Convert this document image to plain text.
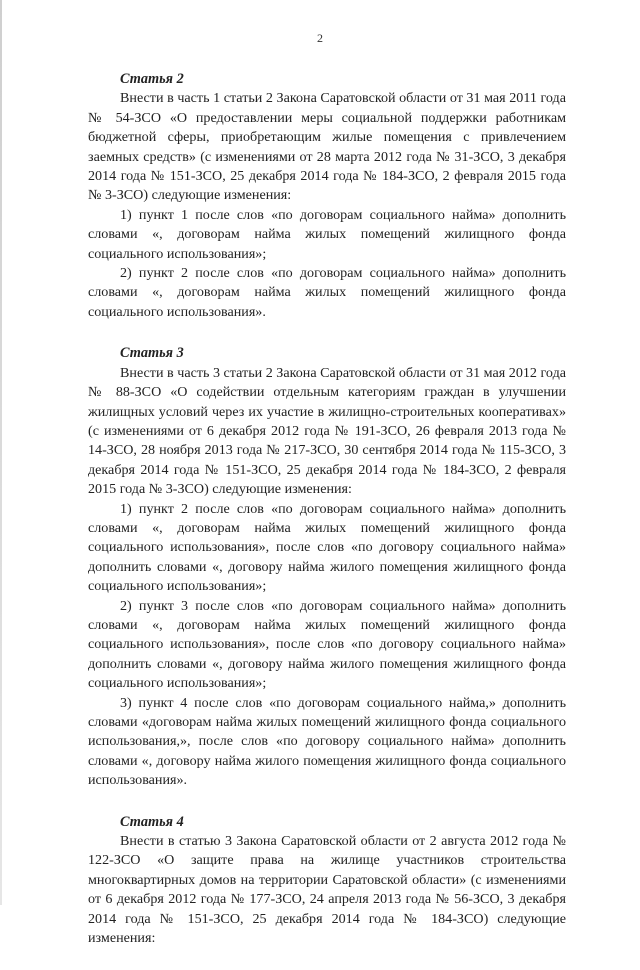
2
Статья 2

Внести в часть 1 статьи 2 Закона Саратовской области от 31 мая 2011 года № 54-ЗСО «О предоставлении меры социальной поддержки работникам бюджетной сферы, приобретающим жилые помещения с привлечением заемных средств» (с изменениями от 28 марта 2012 года № 31-ЗСО, 3 декабря 2014 года № 151-ЗСО, 25 декабря 2014 года № 184-ЗСО, 2 февраля 2015 года № 3-ЗСО) следующие изменения:

1) пункт 1 после слов «по договорам социального найма» дополнить словами «, договорам найма жилых помещений жилищного фонда социального использования»;

2) пункт 2 после слов «по договорам социального найма» дополнить словами «, договорам найма жилых помещений жилищного фонда социального использования».

Статья 3

Внести в часть 3 статьи 2 Закона Саратовской области от 31 мая 2012 года № 88-ЗСО «О содействии отдельным категориям граждан в улучшении жилищных условий через их участие в жилищно-строительных кооперативах» (с изменениями от 6 декабря 2012 года № 191-ЗСО, 26 февраля 2013 года № 14-ЗСО, 28 ноября 2013 года № 217-ЗСО, 30 сентября 2014 года № 115-ЗСО, 3 декабря 2014 года № 151-ЗСО, 25 декабря 2014 года № 184-ЗСО, 2 февраля 2015 года № 3-ЗСО) следующие изменения:

1) пункт 2 после слов «по договорам социального найма» дополнить словами «, договорам найма жилых помещений жилищного фонда социального использования», после слов «по договору социального найма» дополнить словами «, договору найма жилого помещения жилищного фонда социального использования»;

2) пункт 3 после слов «по договорам социального найма» дополнить словами «, договорам найма жилых помещений жилищного фонда социального использования», после слов «по договору социального найма» дополнить словами «, договору найма жилого помещения жилищного фонда социального использования»;

3) пункт 4 после слов «по договорам социального найма,» дополнить словами «договорам найма жилых помещений жилищного фонда социального использования,», после слов «по договору социального найма» дополнить словами «, договору найма жилого помещения жилищного фонда социального использования».

Статья 4

Внести в статью 3 Закона Саратовской области от 2 августа 2012 года № 122-ЗСО «О защите права на жилище участников строительства многоквартирных домов на территории Саратовской области» (с изменениями от 6 декабря 2012 года № 177-ЗСО, 24 апреля 2013 года № 56-ЗСО, 3 декабря 2014 года № 151-ЗСО, 25 декабря 2014 года № 184-ЗСО) следующие изменения:
